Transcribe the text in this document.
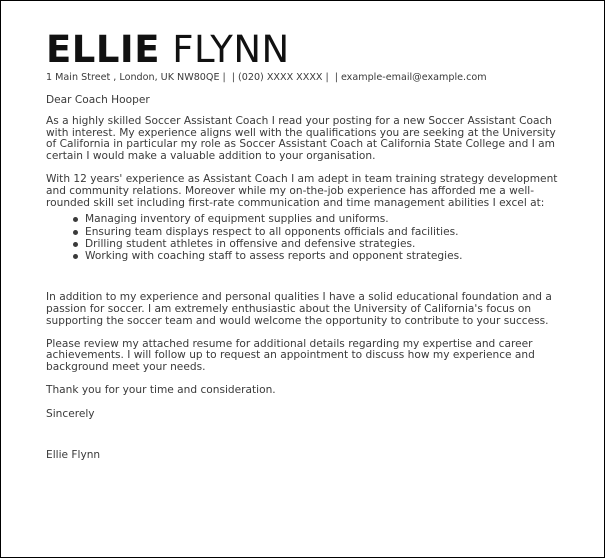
ELLIE FLYNN
1 Main Street , London, UK NW80QE | | (020) XXXX XXXX | | example-email@example.com

Dear Coach Hooper

As a highly skilled Soccer Assistant Coach I read your posting for a new Soccer Assistant Coach with interest. My experience aligns well with the qualifications you are seeking at the University of California in particular my role as Soccer Assistant Coach at California State College and I am certain I would make a valuable addition to your organisation.

With 12 years' experience as Assistant Coach I am adept in team training strategy development and community relations. Moreover while my on-the-job experience has afforded me a well-rounded skill set including first-rate communication and time management abilities I excel at:

Managing inventory of equipment supplies and uniforms.
Ensuring team displays respect to all opponents officials and facilities.
Drilling student athletes in offensive and defensive strategies.
Working with coaching staff to assess reports and opponent strategies.

In addition to my experience and personal qualities I have a solid educational foundation and a passion for soccer. I am extremely enthusiastic about the University of California's focus on supporting the soccer team and would welcome the opportunity to contribute to your success.

Please review my attached resume for additional details regarding my expertise and career achievements. I will follow up to request an appointment to discuss how my experience and background meet your needs.

Thank you for your time and consideration.

Sincerely

Ellie Flynn
